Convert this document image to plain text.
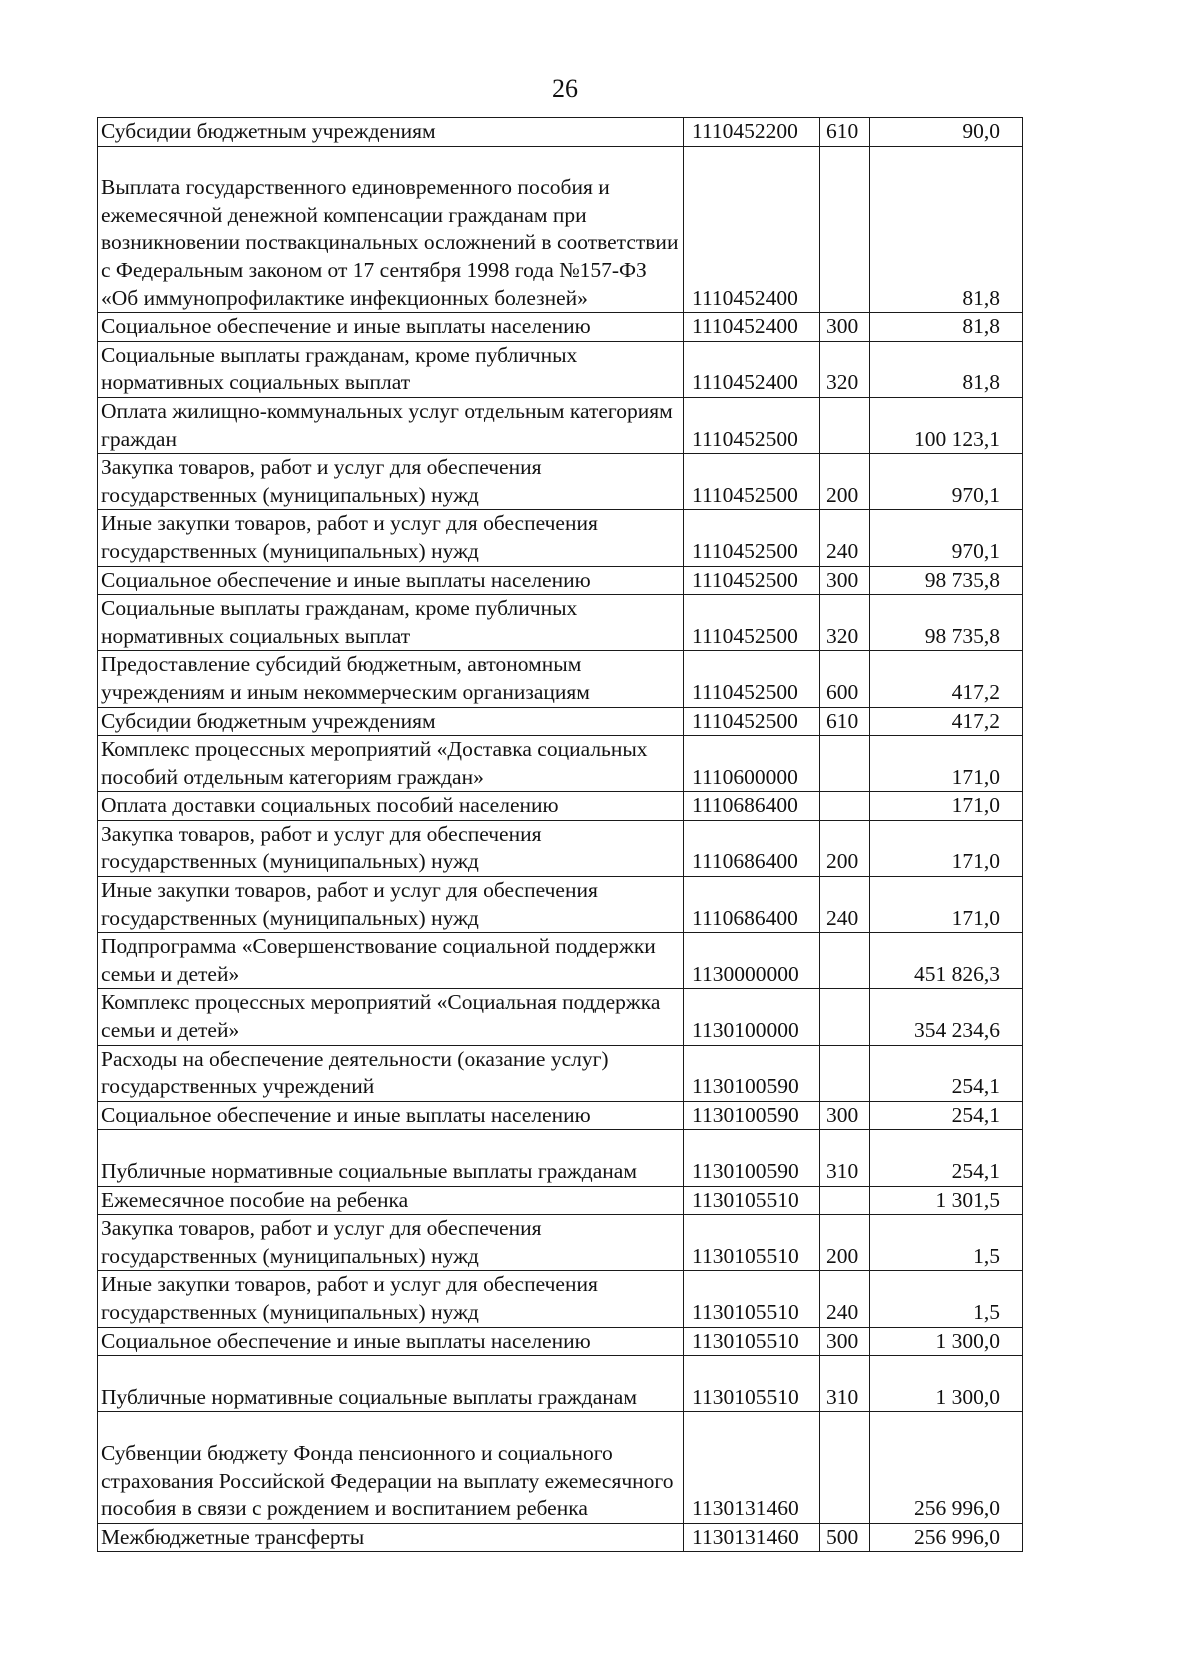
26
Субсидии бюджетным учреждениям	1110452200	610	90,0
Выплата государственного единовременного пособия и ежемесячной денежной компенсации гражданам при возникновении поствакцинальных осложнений в соответствии с Федеральным законом от 17 сентября 1998 года №157-ФЗ «Об иммунопрофилактике инфекционных болезней»	1110452400		81,8
Социальное обеспечение и иные выплаты населению	1110452400	300	81,8
Социальные выплаты гражданам, кроме публичных нормативных социальных выплат	1110452400	320	81,8
Оплата жилищно-коммунальных услуг отдельным категориям граждан	1110452500		100 123,1
Закупка товаров, работ и услуг для обеспечения государственных (муниципальных) нужд	1110452500	200	970,1
Иные закупки товаров, работ и услуг для обеспечения государственных (муниципальных) нужд	1110452500	240	970,1
Социальное обеспечение и иные выплаты населению	1110452500	300	98 735,8
Социальные выплаты гражданам, кроме публичных нормативных социальных выплат	1110452500	320	98 735,8
Предоставление субсидий бюджетным, автономным учреждениям и иным некоммерческим организациям	1110452500	600	417,2
Субсидии бюджетным учреждениям	1110452500	610	417,2
Комплекс процессных мероприятий «Доставка социальных пособий отдельным категориям граждан»	1110600000		171,0
Оплата доставки социальных пособий населению	1110686400		171,0
Закупка товаров, работ и услуг для обеспечения государственных (муниципальных) нужд	1110686400	200	171,0
Иные закупки товаров, работ и услуг для обеспечения государственных (муниципальных) нужд	1110686400	240	171,0
Подпрограмма «Совершенствование социальной поддержки семьи и детей»	1130000000		451 826,3
Комплекс процессных мероприятий «Социальная поддержка семьи и детей»	1130100000		354 234,6
Расходы на обеспечение деятельности (оказание услуг) государственных учреждений	1130100590		254,1
Социальное обеспечение и иные выплаты населению	1130100590	300	254,1
Публичные нормативные социальные выплаты гражданам	1130100590	310	254,1
Ежемесячное пособие на ребенка	1130105510		1 301,5
Закупка товаров, работ и услуг для обеспечения государственных (муниципальных) нужд	1130105510	200	1,5
Иные закупки товаров, работ и услуг для обеспечения государственных (муниципальных) нужд	1130105510	240	1,5
Социальное обеспечение и иные выплаты населению	1130105510	300	1 300,0
Публичные нормативные социальные выплаты гражданам	1130105510	310	1 300,0
Субвенции бюджету Фонда пенсионного и социального страхования Российской Федерации на выплату ежемесячного пособия в связи с рождением и воспитанием ребенка	1130131460		256 996,0
Межбюджетные трансферты	1130131460	500	256 996,0
